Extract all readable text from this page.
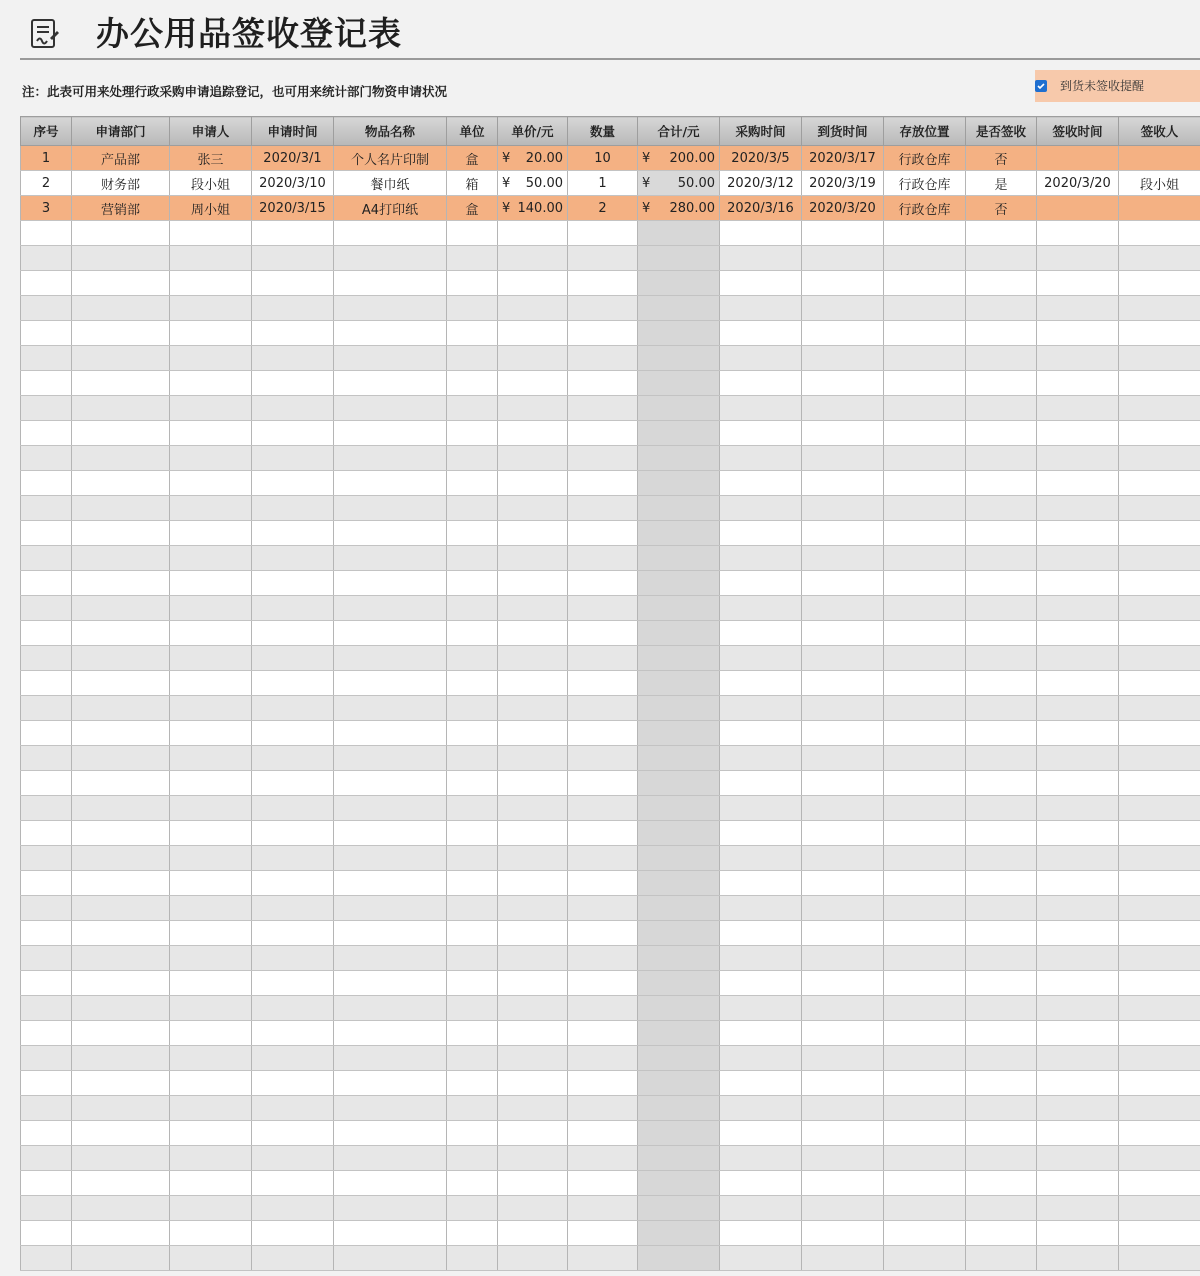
办公用品签收登记表
注：此表可用来处理行政采购申请追踪登记，也可用来统计部门物资申请状况	到货未签收提醒
序号	申请部门	申请人	申请时间	物品名称	单位	单价/元	数量	合计/元	采购时间	到货时间	存放位置	是否签收	签收时间	签收人
1	产品部	张三	2020/3/1	个人名片印制	盒	¥ 20.00	10	¥ 200.00	2020/3/5	2020/3/17	行政仓库	否		
2	财务部	段小姐	2020/3/10	餐巾纸	箱	¥ 50.00	1	¥ 50.00	2020/3/12	2020/3/19	行政仓库	是	2020/3/20	段小姐
3	营销部	周小姐	2020/3/15	A4打印纸	盒	¥ 140.00	2	¥ 280.00	2020/3/16	2020/3/20	行政仓库	否		
